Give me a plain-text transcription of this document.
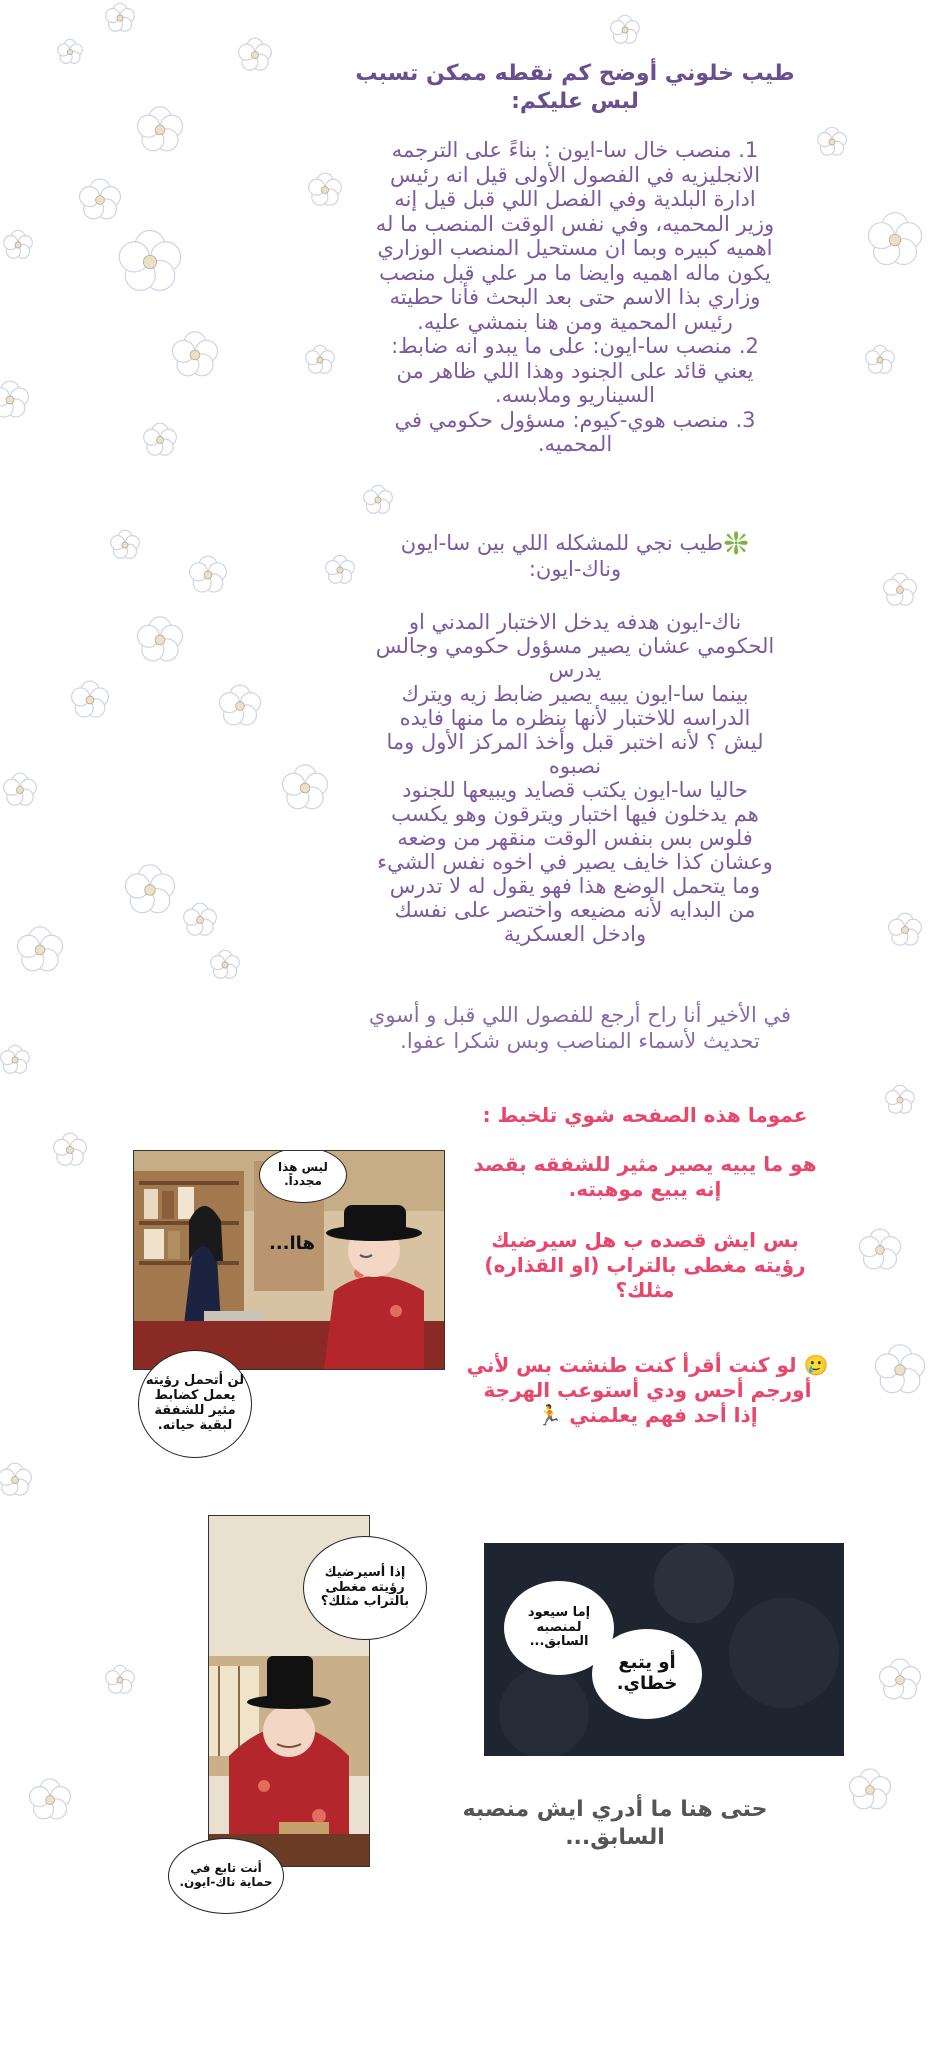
طيب خلوني أوضح كم نقطه ممكن تسبب

لبس عليكم:

1. منصب خال سا-ايون : بناءً على الترجمه

الانجليزيه في الفصول الأولى قيل انه رئيس

ادارة البلدية وفي الفصل اللي قبل قيل إنه

وزير المحميه، وفي نفس الوقت المنصب ما له

اهميه كبيره وبما ان مستحيل المنصب الوزاري

يكون ماله اهميه وايضا ما مر علي قبل منصب

وزاري بذا الاسم حتى بعد البحث فأنا حطيته

رئيس المحمية ومن هنا بنمشي عليه.

2. منصب سا-ايون: على ما يبدو انه ضابط:

يعني قائد على الجنود وهذا اللي ظاهر من

السيناريو وملابسه.

3. منصب هوي-كيوم: مسؤول حكومي في

المحميه.

❇️طيب نجي للمشكله اللي بين سا-ايون

وناك-ايون:

ناك-ايون هدفه يدخل الاختبار المدني او

الحكومي عشان يصير مسؤول حكومي وجالس

يدرس

بينما سا-ايون يبيه يصير ضابط زيه ويترك

الدراسه للاختبار لأنها بنظره ما منها فايده

ليش ؟ لأنه اختبر قبل وأخذ المركز الأول وما

نصبوه

حاليا سا-ايون يكتب قصايد ويبيعها للجنود

هم يدخلون فيها اختبار ويترقون وهو يكسب

فلوس بس بنفس الوقت منقهر من وضعه

وعشان كذا خايف يصير في اخوه نفس الشيء

وما يتحمل الوضع هذا فهو يقول له لا تدرس

من البدايه لأنه مضيعه واختصر على نفسك

وادخل العسكرية

في الأخير أنا راح أرجع للفصول اللي قبل و أسوي

تحديث لأسماء المناصب وبس شكرا عفوا.

عموما هذه الصفحه شوي تلخبط :

هو ما يبيه يصير مثير للشفقه بقصد

إنه يبيع موهبته.

بس ايش قصده ب هل سيرضيك

رؤيته مغطى بالتراب (او القذاره)

مثلك؟

🥲 لو كنت أقرأ كنت طنشت بس لأني

أورجم أحس ودي أستوعب الهرجة

إذا أحد فهم يعلمني 🏃

ليس هذا مجدداً.
هاا...
لن أتحمل رؤيته يعمل كضابط مثير للشفقة لبقية حياته.
إذا أسيرضيك رؤيته مغطى بالتراب مثلك؟
أنت تابع في حماية ناك-ايون.
إما سيعود لمنصبه السابق...
أو يتبع خطاي.

حتى هنا ما أدري ايش منصبه

السابق...
